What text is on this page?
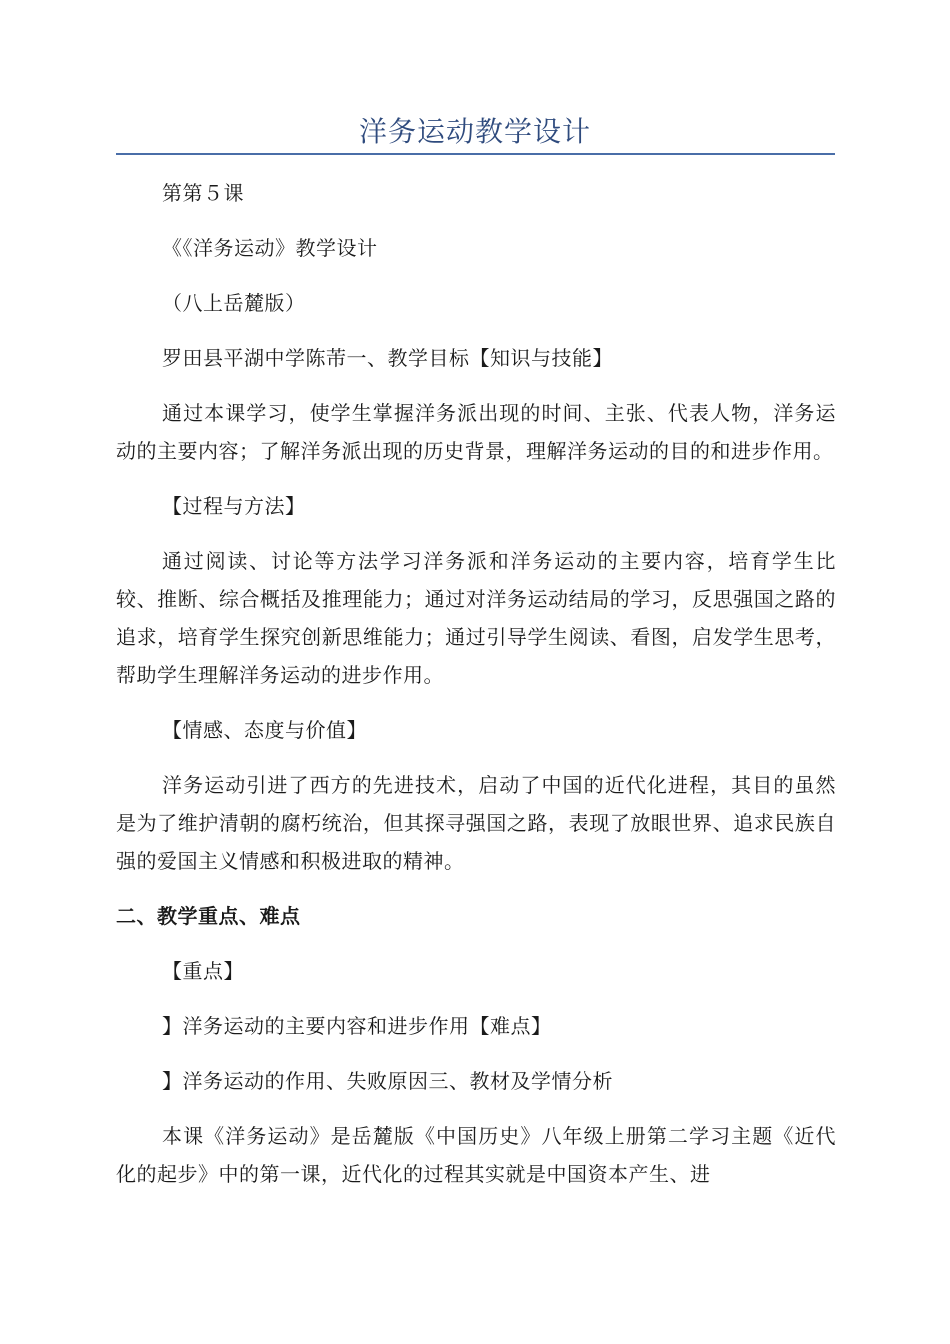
洋务运动教学设计

第第５课

《《洋务运动》教学设计

（八上岳麓版）

罗田县平湖中学陈芾一、教学目标【知识与技能】

通过本课学习，使学生掌握洋务派出现的时间、主张、代表人物，洋务运动的主要内容；了解洋务派出现的历史背景，理解洋务运动的目的和进步作用。

【过程与方法】

通过阅读、讨论等方法学习洋务派和洋务运动的主要内容，培育学生比较、推断、综合概括及推理能力；通过对洋务运动结局的学习，反思强国之路的追求，培育学生探究创新思维能力；通过引导学生阅读、看图，启发学生思考，帮助学生理解洋务运动的进步作用。

【情感、态度与价值】

洋务运动引进了西方的先进技术，启动了中国的近代化进程，其目的虽然是为了维护清朝的腐朽统治，但其探寻强国之路，表现了放眼世界、追求民族自强的爱国主义情感和积极进取的精神。

二、教学重点、难点

【重点】

】洋务运动的主要内容和进步作用【难点】

】洋务运动的作用、失败原因三、教材及学情分析

本课《洋务运动》是岳麓版《中国历史》八年级上册第二学习主题《近代化的起步》中的第一课，近代化的过程其实就是中国资本产生、进
